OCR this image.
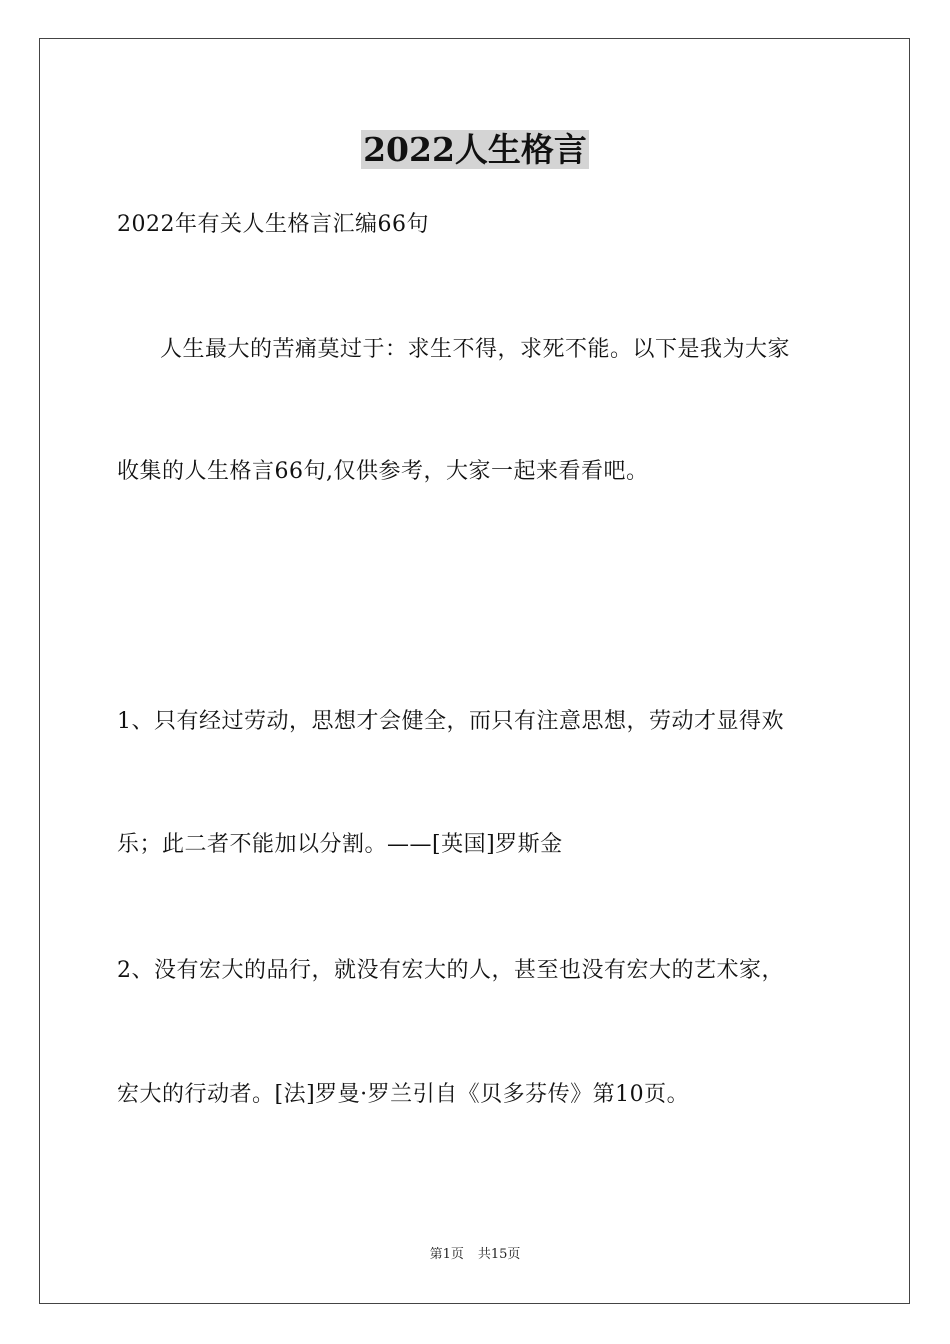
2022人生格言
2022年有关人生格言汇编66句
人生最大的苦痛莫过于：求生不得，求死不能。以下是我为大家
收集的人生格言66句,仅供参考，大家一起来看看吧。
1、只有经过劳动，思想才会健全，而只有注意思想，劳动才显得欢
乐；此二者不能加以分割。——[英国]罗斯金
2、没有宏大的品行，就没有宏大的人，甚至也没有宏大的艺术家，
宏大的行动者。[法]罗曼·罗兰引自《贝多芬传》第10页。
第1页 共15页
